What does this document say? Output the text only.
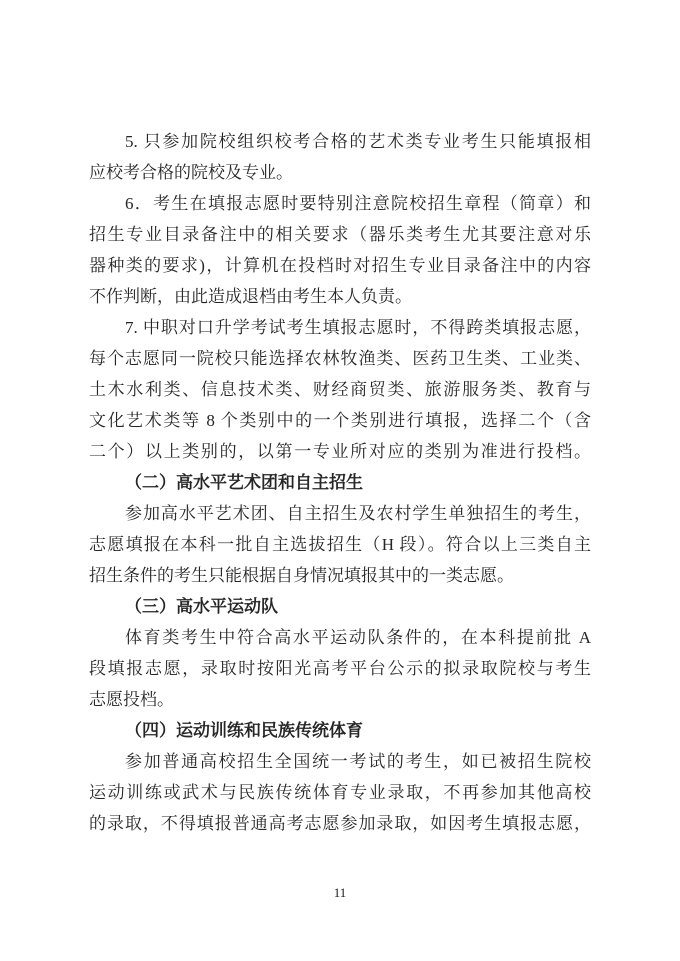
5. 只参加院校组织校考合格的艺术类专业考生只能填报相
应校考合格的院校及专业。
6．考生在填报志愿时要特别注意院校招生章程（简章）和
招生专业目录备注中的相关要求（器乐类考生尤其要注意对乐
器种类的要求)，计算机在投档时对招生专业目录备注中的内容
不作判断，由此造成退档由考生本人负责。
7. 中职对口升学考试考生填报志愿时，不得跨类填报志愿，
每个志愿同一院校只能选择农林牧渔类、医药卫生类、工业类、
土木水利类、信息技术类、财经商贸类、旅游服务类、教育与
文化艺术类等 8 个类别中的一个类别进行填报，选择二个（含
二个）以上类别的，以第一专业所对应的类别为准进行投档。
（二）高水平艺术团和自主招生
参加高水平艺术团、自主招生及农村学生单独招生的考生，
志愿填报在本科一批自主选拔招生（H 段）。符合以上三类自主
招生条件的考生只能根据自身情况填报其中的一类志愿。
（三）高水平运动队
体育类考生中符合高水平运动队条件的，在本科提前批 A
段填报志愿，录取时按阳光高考平台公示的拟录取院校与考生
志愿投档。
（四）运动训练和民族传统体育
参加普通高校招生全国统一考试的考生，如已被招生院校
运动训练或武术与民族传统体育专业录取，不再参加其他高校
的录取，不得填报普通高考志愿参加录取，如因考生填报志愿，
11
